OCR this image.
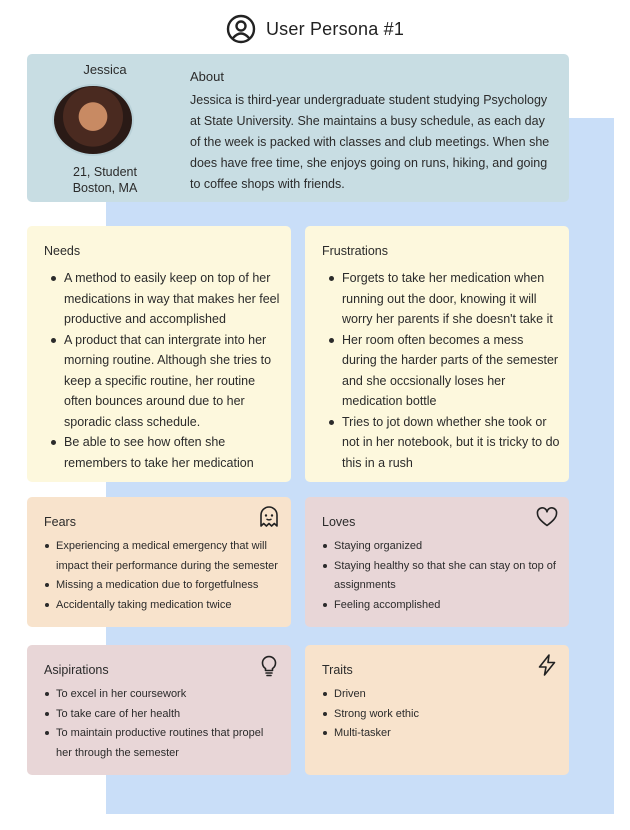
User Persona #1
Jessica
21, Student
Boston, MA
About
Jessica is third-year undergraduate student studying Psychology at State University. She maintains a busy schedule, as each day of the week is packed with classes and club meetings. When she does have free time, she enjoys going on runs, hiking, and going to coffee shops with friends.
Needs
A method to easily keep on top of her medications in way that makes her feel productive and accomplished
A product that can intergrate into her morning routine. Although she tries to keep a specific routine, her routine often bounces around due to her sporadic class schedule.
Be able to see how often she remembers to take her medication
Frustrations
Forgets to take her medication when running out the door, knowing it will worry her parents if she doesn't take it
Her room often becomes a mess during the harder parts of the semester and she occsionally loses her medication bottle
Tries to jot down whether she took or not in her notebook, but it is tricky to do this in a rush
Fears
Experiencing a medical emergency that will impact their performance during the semester
Missing a medication due to forgetfulness
Accidentally taking medication twice
Loves
Staying organized
Staying healthy so that she can stay on top of assignments
Feeling accomplished
Asipirations
To excel in her coursework
To take care of her health
To maintain productive routines that propel her through the semester
Traits
Driven
Strong work ethic
Multi-tasker
